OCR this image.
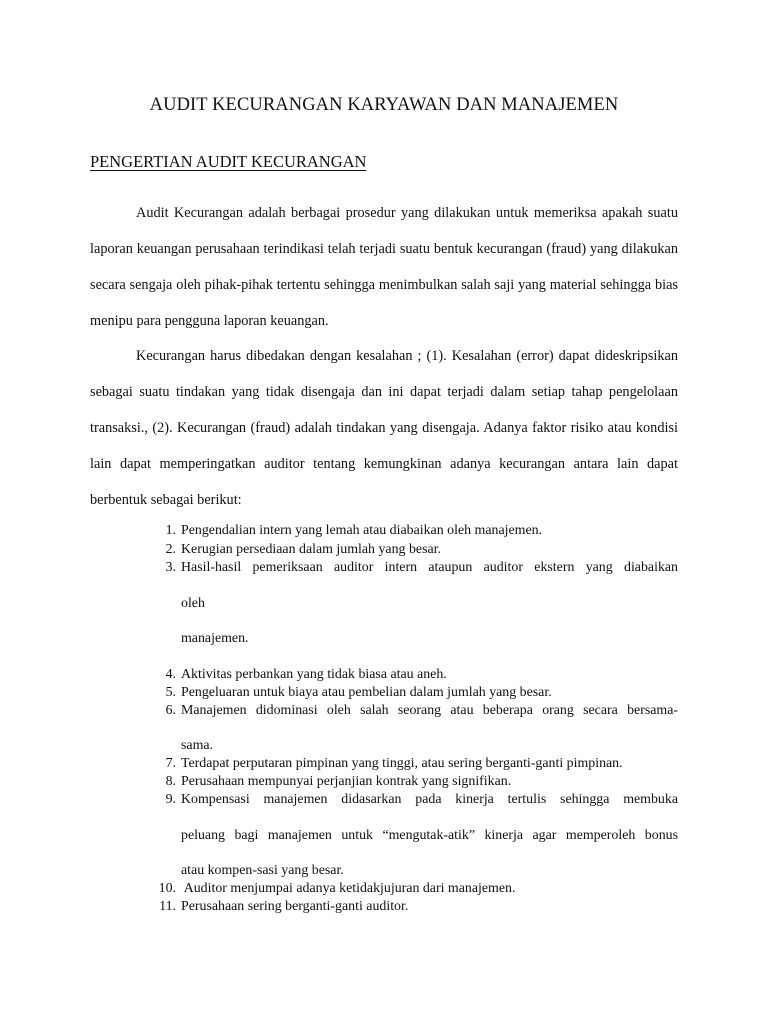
AUDIT KECURANGAN KARYAWAN DAN MANAJEMEN
PENGERTIAN AUDIT KECURANGAN

Audit Kecurangan adalah berbagai prosedur yang dilakukan untuk memeriksa apakah suatu laporan keuangan perusahaan terindikasi telah terjadi suatu bentuk kecurangan (fraud) yang dilakukan secara sengaja oleh pihak-pihak tertentu sehingga menimbulkan salah saji yang material sehingga bias menipu para pengguna laporan keuangan.

Kecurangan harus dibedakan dengan kesalahan ; (1). Kesalahan (error) dapat dideskripsikan sebagai suatu tindakan yang tidak disengaja dan ini dapat terjadi dalam setiap tahap pengelolaan transaksi., (2). Kecurangan (fraud) adalah tindakan yang disengaja. Adanya faktor risiko atau kondisi lain dapat memperingatkan auditor tentang kemungkinan adanya kecurangan antara lain dapat berbentuk sebagai berikut:

1. Pengendalian intern yang lemah atau diabaikan oleh manajemen.
2. Kerugian persediaan dalam jumlah yang besar.
3. Hasil-hasil pemeriksaan auditor intern ataupun auditor ekstern yang diabaikan
oleh
manajemen.
4. Aktivitas perbankan yang tidak biasa atau aneh.
5. Pengeluaran untuk biaya atau pembelian dalam jumlah yang besar.
6. Manajemen didominasi oleh salah seorang atau beberapa orang secara bersama-
sama.
7. Terdapat perputaran pimpinan yang tinggi, atau sering berganti-ganti pimpinan.
8. Perusahaan mempunyai perjanjian kontrak yang signifikan.
9. Kompensasi manajemen didasarkan pada kinerja tertulis sehingga membuka
peluang bagi manajemen untuk “mengutak-atik” kinerja agar memperoleh bonus
atau kompen-sasi yang besar.
10. Auditor menjumpai adanya ketidakjujuran dari manajemen.
11. Perusahaan sering berganti-ganti auditor.
